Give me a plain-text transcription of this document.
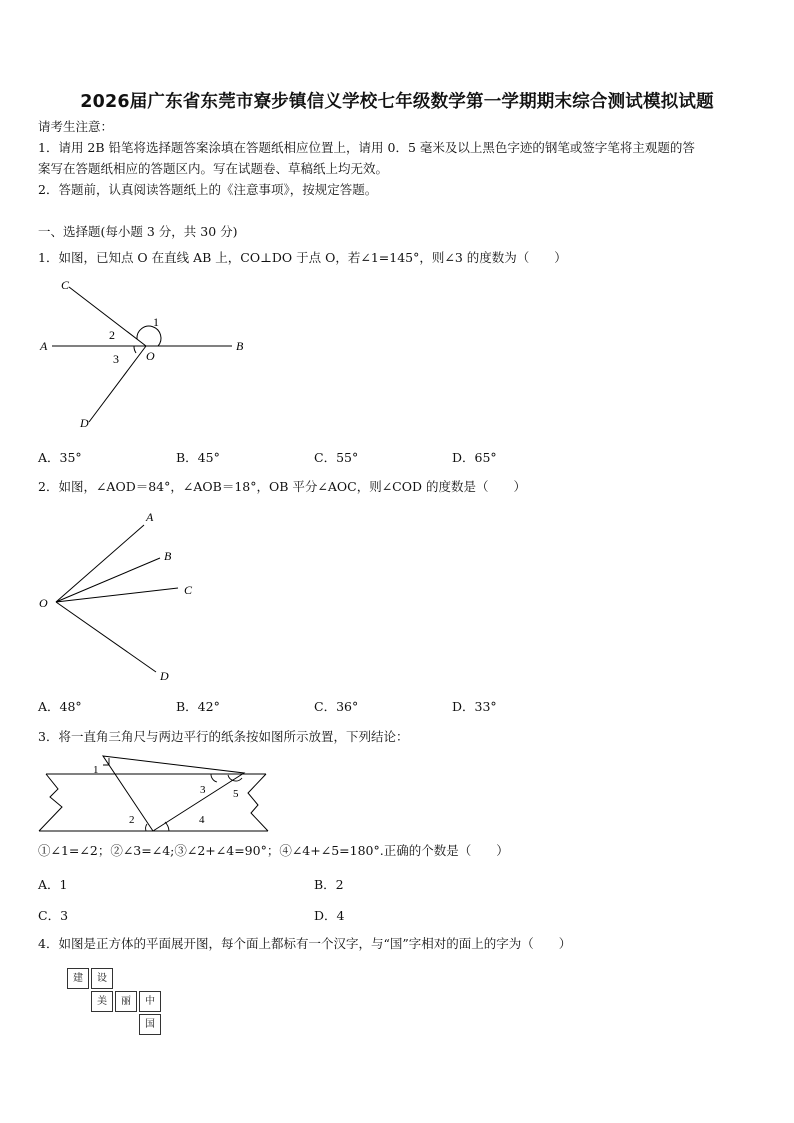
2026届广东省东莞市寮步镇信义学校七年级数学第一学期期末综合测试模拟试题
请考生注意：
1．请用 2B 铅笔将选择题答案涂填在答题纸相应位置上，请用 0．5 毫米及以上黑色字迹的钢笔或签字笔将主观题的答
案写在答题纸相应的答题区内。写在试题卷、草稿纸上均无效。
2．答题前，认真阅读答题纸上的《注意事项》，按规定答题。
一、选择题(每小题 3 分，共 30 分)
1．如图，已知点 O 在直线 AB 上，CO⊥DO 于点 O，若∠1=145°，则∠3 的度数为（　　）
C
A	B
D
O
1
2
3
A．35°	B．45°	C．55°	D．65°
2．如图，∠AOD＝84°，∠AOB＝18°，OB 平分∠AOC，则∠COD 的度数是（　　）
A
B
C
D
O
A．48°	B．42°	C．36°	D．33°
3．将一直角三角尺与两边平行的纸条按如图所示放置，下列结论：
1
2
3
4
5
①∠1=∠2；②∠3=∠4;③∠2+∠4=90°；④∠4+∠5=180°.正确的个数是（　　）
A．1	B．2
C．3	D．4
4．如图是正方体的平面展开图，每个面上都标有一个汉字，与“国”字相对的面上的字为（　　）
建	设
美	丽	中
国
